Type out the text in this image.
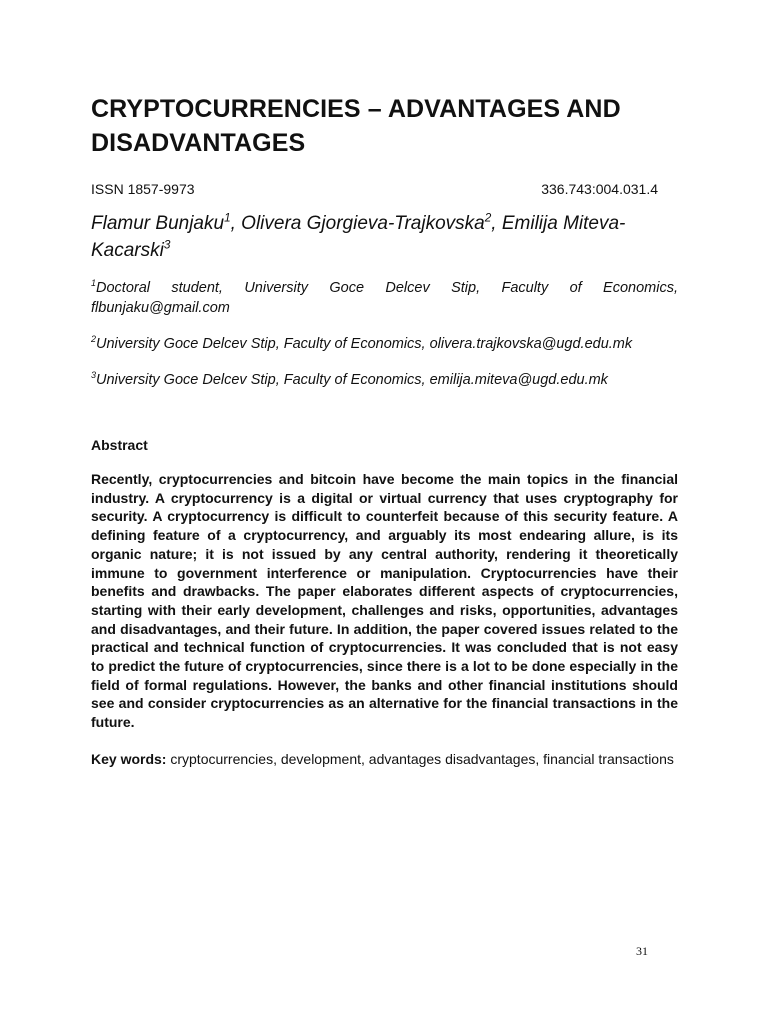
CRYPTOCURRENCIES – ADVANTAGES AND DISADVANTAGES
ISSN 1857-9973	336.743:004.031.4
Flamur Bunjaku$^1$, Olivera Gjorgieva-Trajkovska$^2$, Emilija Miteva-Kacarski$^3$
$^1$Doctoral student, University Goce Delcev Stip, Faculty of Economics, flbunjaku@gmail.com
$^2$University Goce Delcev Stip, Faculty of Economics, olivera.trajkovska@ugd.edu.mk
$^3$University Goce Delcev Stip, Faculty of Economics, emilija.miteva@ugd.edu.mk
Abstract
Recently, cryptocurrencies and bitcoin have become the main topics in the financial industry. A cryptocurrency is a digital or virtual currency that uses cryptography for security. A cryptocurrency is difficult to counterfeit because of this security feature. A defining feature of a cryptocurrency, and arguably its most endearing allure, is its organic nature; it is not issued by any central authority, rendering it theoretically immune to government interference or manipulation. Cryptocurrencies have their benefits and drawbacks. The paper elaborates different aspects of cryptocurrencies, starting with their early development, challenges and risks, opportunities, advantages and disadvantages, and their future. In addition, the paper covered issues related to the practical and technical function of cryptocurrencies. It was concluded that is not easy to predict the future of cryptocurrencies, since there is a lot to be done especially in the field of formal regulations. However, the banks and other financial institutions should see and consider cryptocurrencies as an alternative for the financial transactions in the future.
Key words: cryptocurrencies, development, advantages disadvantages, financial transactions
31
